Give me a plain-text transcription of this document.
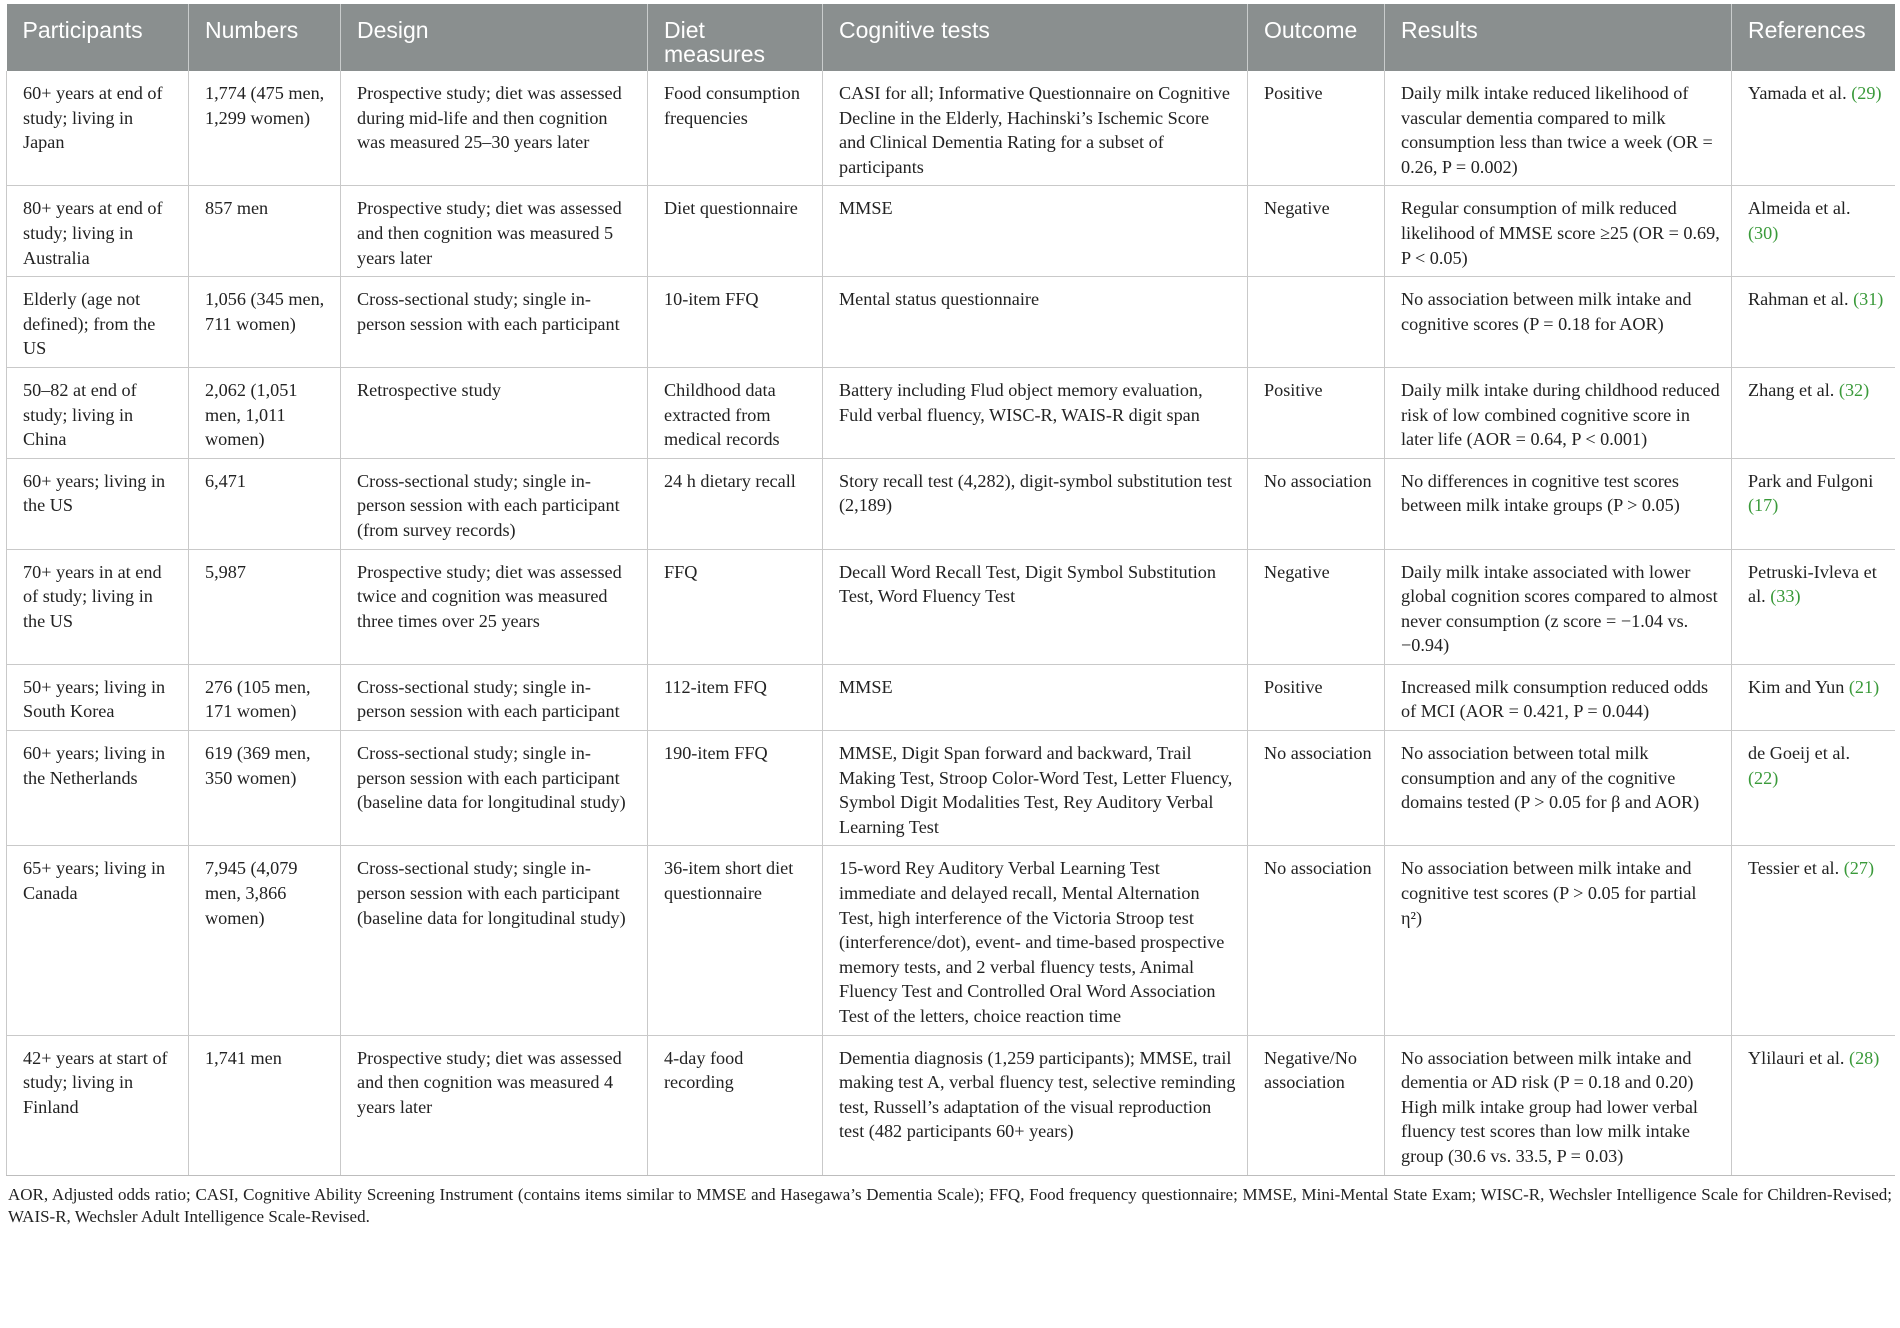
Participants	Numbers	Design	Diet measures	Cognitive tests	Outcome	Results	References
60+ years at end of study; living in Japan	1,774 (475 men, 1,299 women)	Prospective study; diet was assessed during mid-life and then cognition was measured 25–30 years later	Food consumption frequencies	CASI for all; Informative Questionnaire on Cognitive Decline in the Elderly, Hachinski’s Ischemic Score and Clinical Dementia Rating for a subset of participants	Positive	Daily milk intake reduced likelihood of vascular dementia compared to milk consumption less than twice a week (OR = 0.26, P = 0.002)	Yamada et al. (29)
80+ years at end of study; living in Australia	857 men	Prospective study; diet was assessed and then cognition was measured 5 years later	Diet questionnaire	MMSE	Negative	Regular consumption of milk reduced likelihood of MMSE score ≥25 (OR = 0.69, P < 0.05)	Almeida et al. (30)
Elderly (age not defined); from the US	1,056 (345 men, 711 women)	Cross-sectional study; single in-person session with each participant	10-item FFQ	Mental status questionnaire		No association between milk intake and cognitive scores (P = 0.18 for AOR)	Rahman et al. (31)
50–82 at end of study; living in China	2,062 (1,051 men, 1,011 women)	Retrospective study	Childhood data extracted from medical records	Battery including Flud object memory evaluation, Fuld verbal fluency, WISC-R, WAIS-R digit span	Positive	Daily milk intake during childhood reduced risk of low combined cognitive score in later life (AOR = 0.64, P < 0.001)	Zhang et al. (32)
60+ years; living in the US	6,471	Cross-sectional study; single in-person session with each participant (from survey records)	24 h dietary recall	Story recall test (4,282), digit-symbol substitution test (2,189)	No association	No differences in cognitive test scores between milk intake groups (P > 0.05)	Park and Fulgoni (17)
70+ years in at end of study; living in the US	5,987	Prospective study; diet was assessed twice and cognition was measured three times over 25 years	FFQ	Decall Word Recall Test, Digit Symbol Substitution Test, Word Fluency Test	Negative	Daily milk intake associated with lower global cognition scores compared to almost never consumption (z score = −1.04 vs. −0.94)	Petruski-Ivleva et al. (33)
50+ years; living in South Korea	276 (105 men, 171 women)	Cross-sectional study; single in-person session with each participant	112-item FFQ	MMSE	Positive	Increased milk consumption reduced odds of MCI (AOR = 0.421, P = 0.044)	Kim and Yun (21)
60+ years; living in the Netherlands	619 (369 men, 350 women)	Cross-sectional study; single in-person session with each participant (baseline data for longitudinal study)	190-item FFQ	MMSE, Digit Span forward and backward, Trail Making Test, Stroop Color-Word Test, Letter Fluency, Symbol Digit Modalities Test, Rey Auditory Verbal Learning Test	No association	No association between total milk consumption and any of the cognitive domains tested (P > 0.05 for β and AOR)	de Goeij et al. (22)
65+ years; living in Canada	7,945 (4,079 men, 3,866 women)	Cross-sectional study; single in-person session with each participant (baseline data for longitudinal study)	36-item short diet questionnaire	15-word Rey Auditory Verbal Learning Test immediate and delayed recall, Mental Alternation Test, high interference of the Victoria Stroop test (interference/dot), event- and time-based prospective memory tests, and 2 verbal fluency tests, Animal Fluency Test and Controlled Oral Word Association Test of the letters, choice reaction time	No association	No association between milk intake and cognitive test scores (P > 0.05 for partial η²)	Tessier et al. (27)
42+ years at start of study; living in Finland	1,741 men	Prospective study; diet was assessed and then cognition was measured 4 years later	4-day food recording	Dementia diagnosis (1,259 participants); MMSE, trail making test A, verbal fluency test, selective reminding test, Russell’s adaptation of the visual reproduction test (482 participants 60+ years)	Negative/No association	No association between milk intake and dementia or AD risk (P = 0.18 and 0.20) High milk intake group had lower verbal fluency test scores than low milk intake group (30.6 vs. 33.5, P = 0.03)	Ylilauri et al. (28)
AOR, Adjusted odds ratio; CASI, Cognitive Ability Screening Instrument (contains items similar to MMSE and Hasegawa’s Dementia Scale); FFQ, Food frequency questionnaire; MMSE, Mini-Mental State Exam; WISC-R, Wechsler Intelligence Scale for Children-Revised; WAIS-R, Wechsler Adult Intelligence Scale-Revised.
